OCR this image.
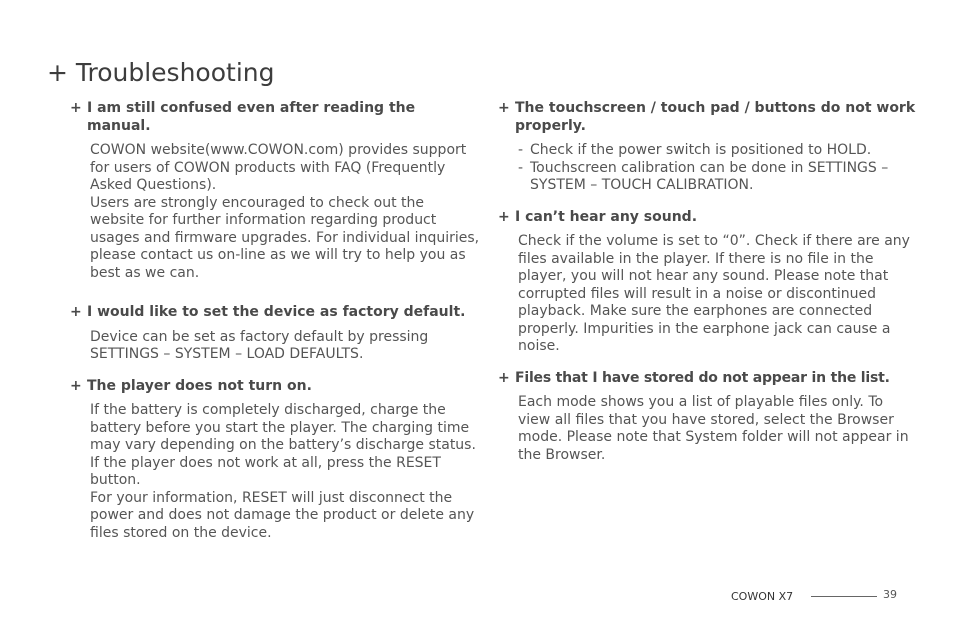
+ Troubleshooting

+ I am still confused even after reading the manual.

COWON website(www.COWON.com) provides support for users of COWON products with FAQ (Frequently Asked Questions).

Users are strongly encouraged to check out the website for further information regarding product usages and firmware upgrades. For individual inquiries, please contact us on-line as we will try to help you as best as we can.

+ I would like to set the device as factory default.

Device can be set as factory default by pressing SETTINGS – SYSTEM – LOAD DEFAULTS.

+ The player does not turn on.

If the battery is completely discharged, charge the battery before you start the player. The charging time may vary depending on the battery’s discharge status. If the player does not work at all, press the RESET button.

For your information, RESET will just disconnect the power and does not damage the product or delete any files stored on the device.

+ The touchscreen / touch pad / buttons do not work properly.

- Check if the power switch is positioned to HOLD.
- Touchscreen calibration can be done in SETTINGS – SYSTEM – TOUCH CALIBRATION.

+ I can’t hear any sound.

Check if the volume is set to “0”. Check if there are any files available in the player. If there is no file in the player, you will not hear any sound. Please note that corrupted files will result in a noise or discontinued playback. Make sure the earphones are connected properly. Impurities in the earphone jack can cause a noise.

+ Files that I have stored do not appear in the list.

Each mode shows you a list of playable files only. To view all files that you have stored, select the Browser mode. Please note that System folder will not appear in the Browser.

COWON X7	39
